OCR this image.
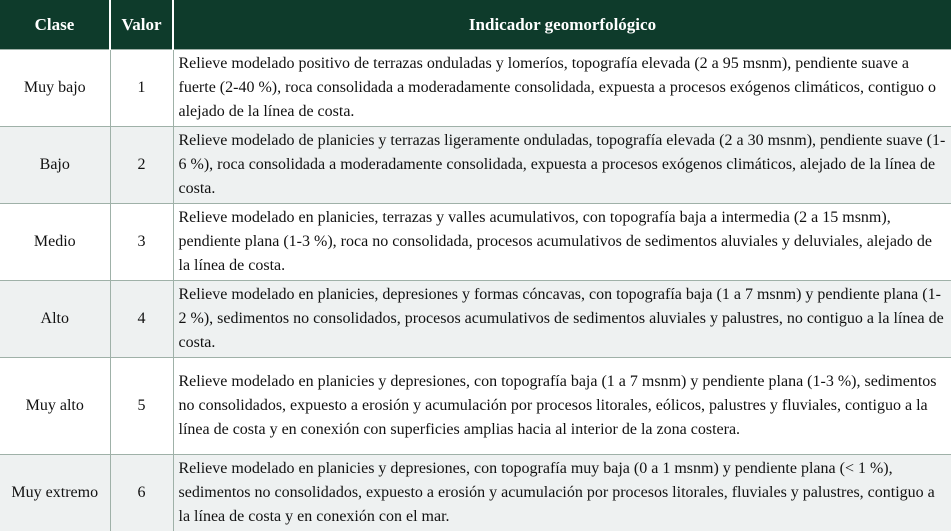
Clase	Valor	Indicador geomorfológico
Muy bajo	1	Relieve modelado positivo de terrazas onduladas y lomeríos, topografía elevada (2 a 95 msnm), pendiente suave a fuerte (2-40 %), roca consolidada a moderadamente consolidada, expuesta a procesos exógenos climáticos, contiguo o alejado de la línea de costa.
Bajo	2	Relieve modelado de planicies y terrazas ligeramente onduladas, topografía elevada (2 a 30 msnm), pendiente suave (1-6 %), roca consolidada a moderadamente consolidada, expuesta a procesos exógenos climáticos, alejado de la línea de costa.
Medio	3	Relieve modelado en planicies, terrazas y valles acumulativos, con topografía baja a intermedia (2 a 15 msnm), pendiente plana (1-3 %), roca no consolidada, procesos acumulativos de sedimentos aluviales y deluviales, alejado de la línea de costa.
Alto	4	Relieve modelado en planicies, depresiones y formas cóncavas, con topografía baja (1 a 7 msnm) y pendiente plana (1-2 %), sedimentos no consolidados, procesos acumulativos de sedimentos aluviales y palustres, no contiguo a la línea de costa.
Muy alto	5	Relieve modelado en planicies y depresiones, con topografía baja (1 a 7 msnm) y pendiente plana (1-3 %), sedimentos no consolidados, expuesto a erosión y acumulación por procesos litorales, eólicos, palustres y fluviales, contiguo a la línea de costa y en conexión con superficies amplias hacia al interior de la zona costera.
Muy extremo	6	Relieve modelado en planicies y depresiones, con topografía muy baja (0 a 1 msnm) y pendiente plana (< 1 %), sedimentos no consolidados, expuesto a erosión y acumulación por procesos litorales, fluviales y palustres, contiguo a la línea de costa y en conexión con el mar.
